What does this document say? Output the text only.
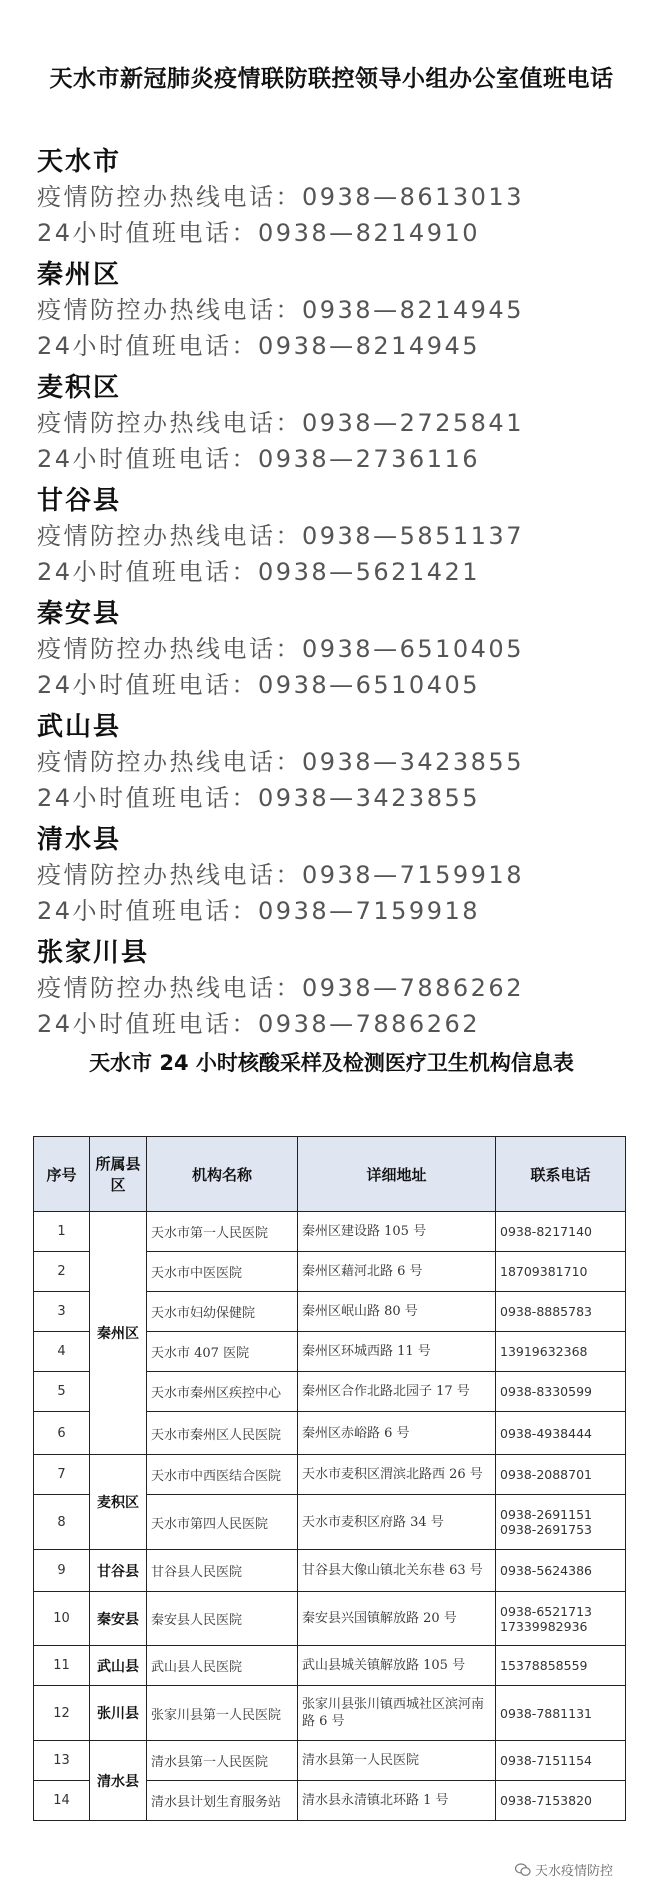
天水市新冠肺炎疫情联防联控领导小组办公室值班电话
天水市
疫情防控办热线电话：0938—8613013
24小时值班电话：0938—8214910
秦州区
疫情防控办热线电话：0938—8214945
24小时值班电话：0938—8214945
麦积区
疫情防控办热线电话：0938—2725841
24小时值班电话：0938—2736116
甘谷县
疫情防控办热线电话：0938—5851137
24小时值班电话：0938—5621421
秦安县
疫情防控办热线电话：0938—6510405
24小时值班电话：0938—6510405
武山县
疫情防控办热线电话：0938—3423855
24小时值班电话：0938—3423855
清水县
疫情防控办热线电话：0938—7159918
24小时值班电话：0938—7159918
张家川县
疫情防控办热线电话：0938—7886262
24小时值班电话：0938—7886262
天水市 24 小时核酸采样及检测医疗卫生机构信息表
序号	所属县区	机构名称	详细地址	联系电话
1	秦州区	天水市第一人民医院	秦州区建设路 105 号	0938-8217140
2		天水市中医医院	秦州区藉河北路 6 号	18709381710
3		天水市妇幼保健院	秦州区岷山路 80 号	0938-8885783
4		天水市 407 医院	秦州区环城西路 11 号	13919632368
5		天水市秦州区疾控中心	秦州区合作北路北园子 17 号	0938-8330599
6		天水市秦州区人民医院	秦州区赤峪路 6 号	0938-4938444
7	麦积区	天水市中西医结合医院	天水市麦积区渭滨北路西 26 号	0938-2088701
8		天水市第四人民医院	天水市麦积区府路 34 号	0938-2691151
0938-2691753

9	甘谷县	甘谷县人民医院	甘谷县大像山镇北关东巷 63 号	0938-5624386
10	秦安县	秦安县人民医院	秦安县兴国镇解放路 20 号	0938-6521713
17339982936

11	武山县	武山县人民医院	武山县城关镇解放路 105 号	15378858559
12	张川县	张家川县第一人民医院	张家川县张川镇西城社区滨河南路 6 号	0938-7881131
13	清水县	清水县第一人民医院	清水县第一人民医院	0938-7151154
14		清水县计划生育服务站	清水县永清镇北环路 1 号	0938-7153820
天水疫情防控
